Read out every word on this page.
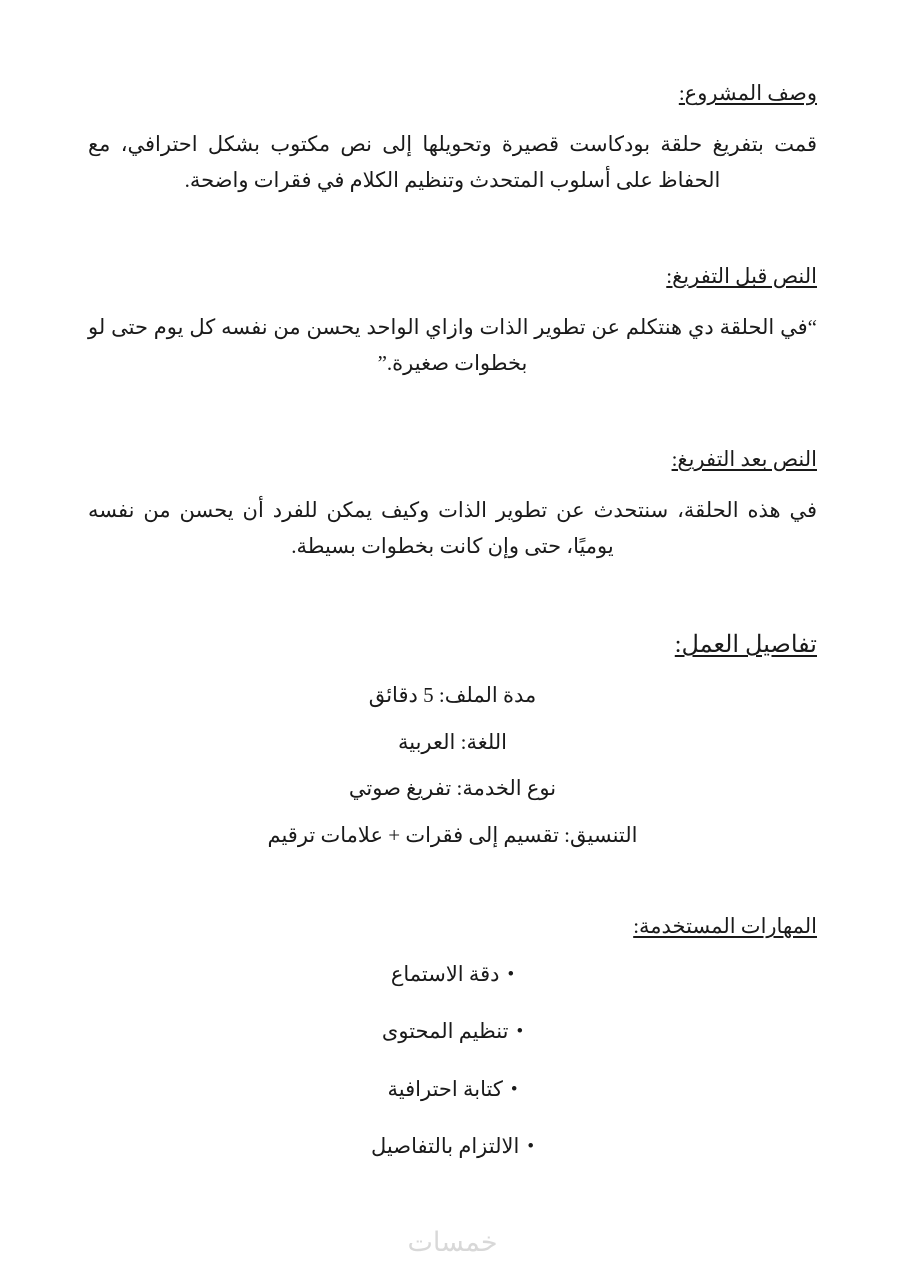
وصف المشروع:

قمت بتفريغ حلقة بودكاست قصيرة وتحويلها إلى نص مكتوب بشكل احترافي، مع الحفاظ على أسلوب المتحدث وتنظيم الكلام في فقرات واضحة.

النص قبل التفريغ:

“في الحلقة دي هنتكلم عن تطوير الذات وازاي الواحد يحسن من نفسه كل يوم حتى لو بخطوات صغيرة.”

النص بعد التفريغ:

في هذه الحلقة، سنتحدث عن تطوير الذات وكيف يمكن للفرد أن يحسن من نفسه يوميًا، حتى وإن كانت بخطوات بسيطة.

تفاصيل العمل:

مدة الملف: 5 دقائق

اللغة: العربية

نوع الخدمة: تفريغ صوتي

التنسيق: تقسيم إلى فقرات + علامات ترقيم

المهارات المستخدمة:
•دقة الاستماع
•تنظيم المحتوى
•كتابة احترافية
•الالتزام بالتفاصيل
خمسات
